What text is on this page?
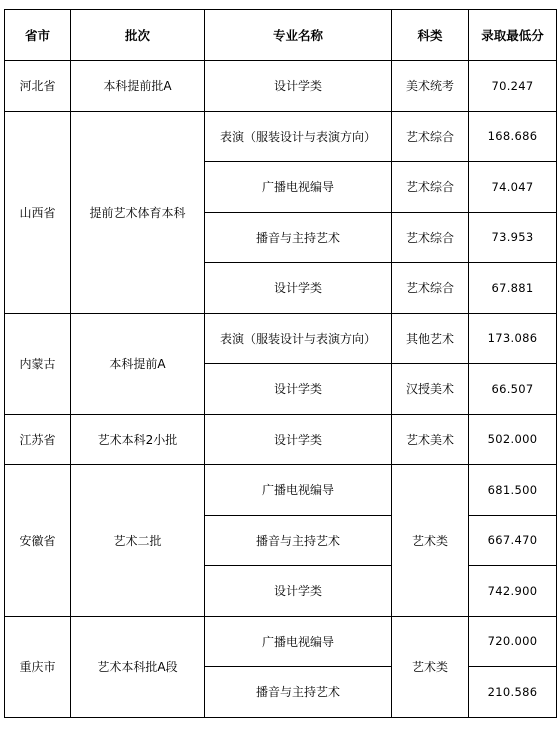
省市	批次	专业名称	科类	录取最低分
河北省	本科提前批A	设计学类	美术统考	70.247
山西省	提前艺术体育本科	表演（服装设计与表演方向）	艺术综合	168.686
		广播电视编导	艺术综合	74.047
		播音与主持艺术	艺术综合	73.953
		设计学类	艺术综合	67.881
内蒙古	本科提前A	表演（服装设计与表演方向）	其他艺术	173.086
		设计学类	汉授美术	66.507
江苏省	艺术本科2小批	设计学类	艺术美术	502.000
安徽省	艺术二批	广播电视编导	艺术类	681.500
		播音与主持艺术		667.470
		设计学类		742.900
重庆市	艺术本科批A段	广播电视编导	艺术类	720.000
		播音与主持艺术		210.586
